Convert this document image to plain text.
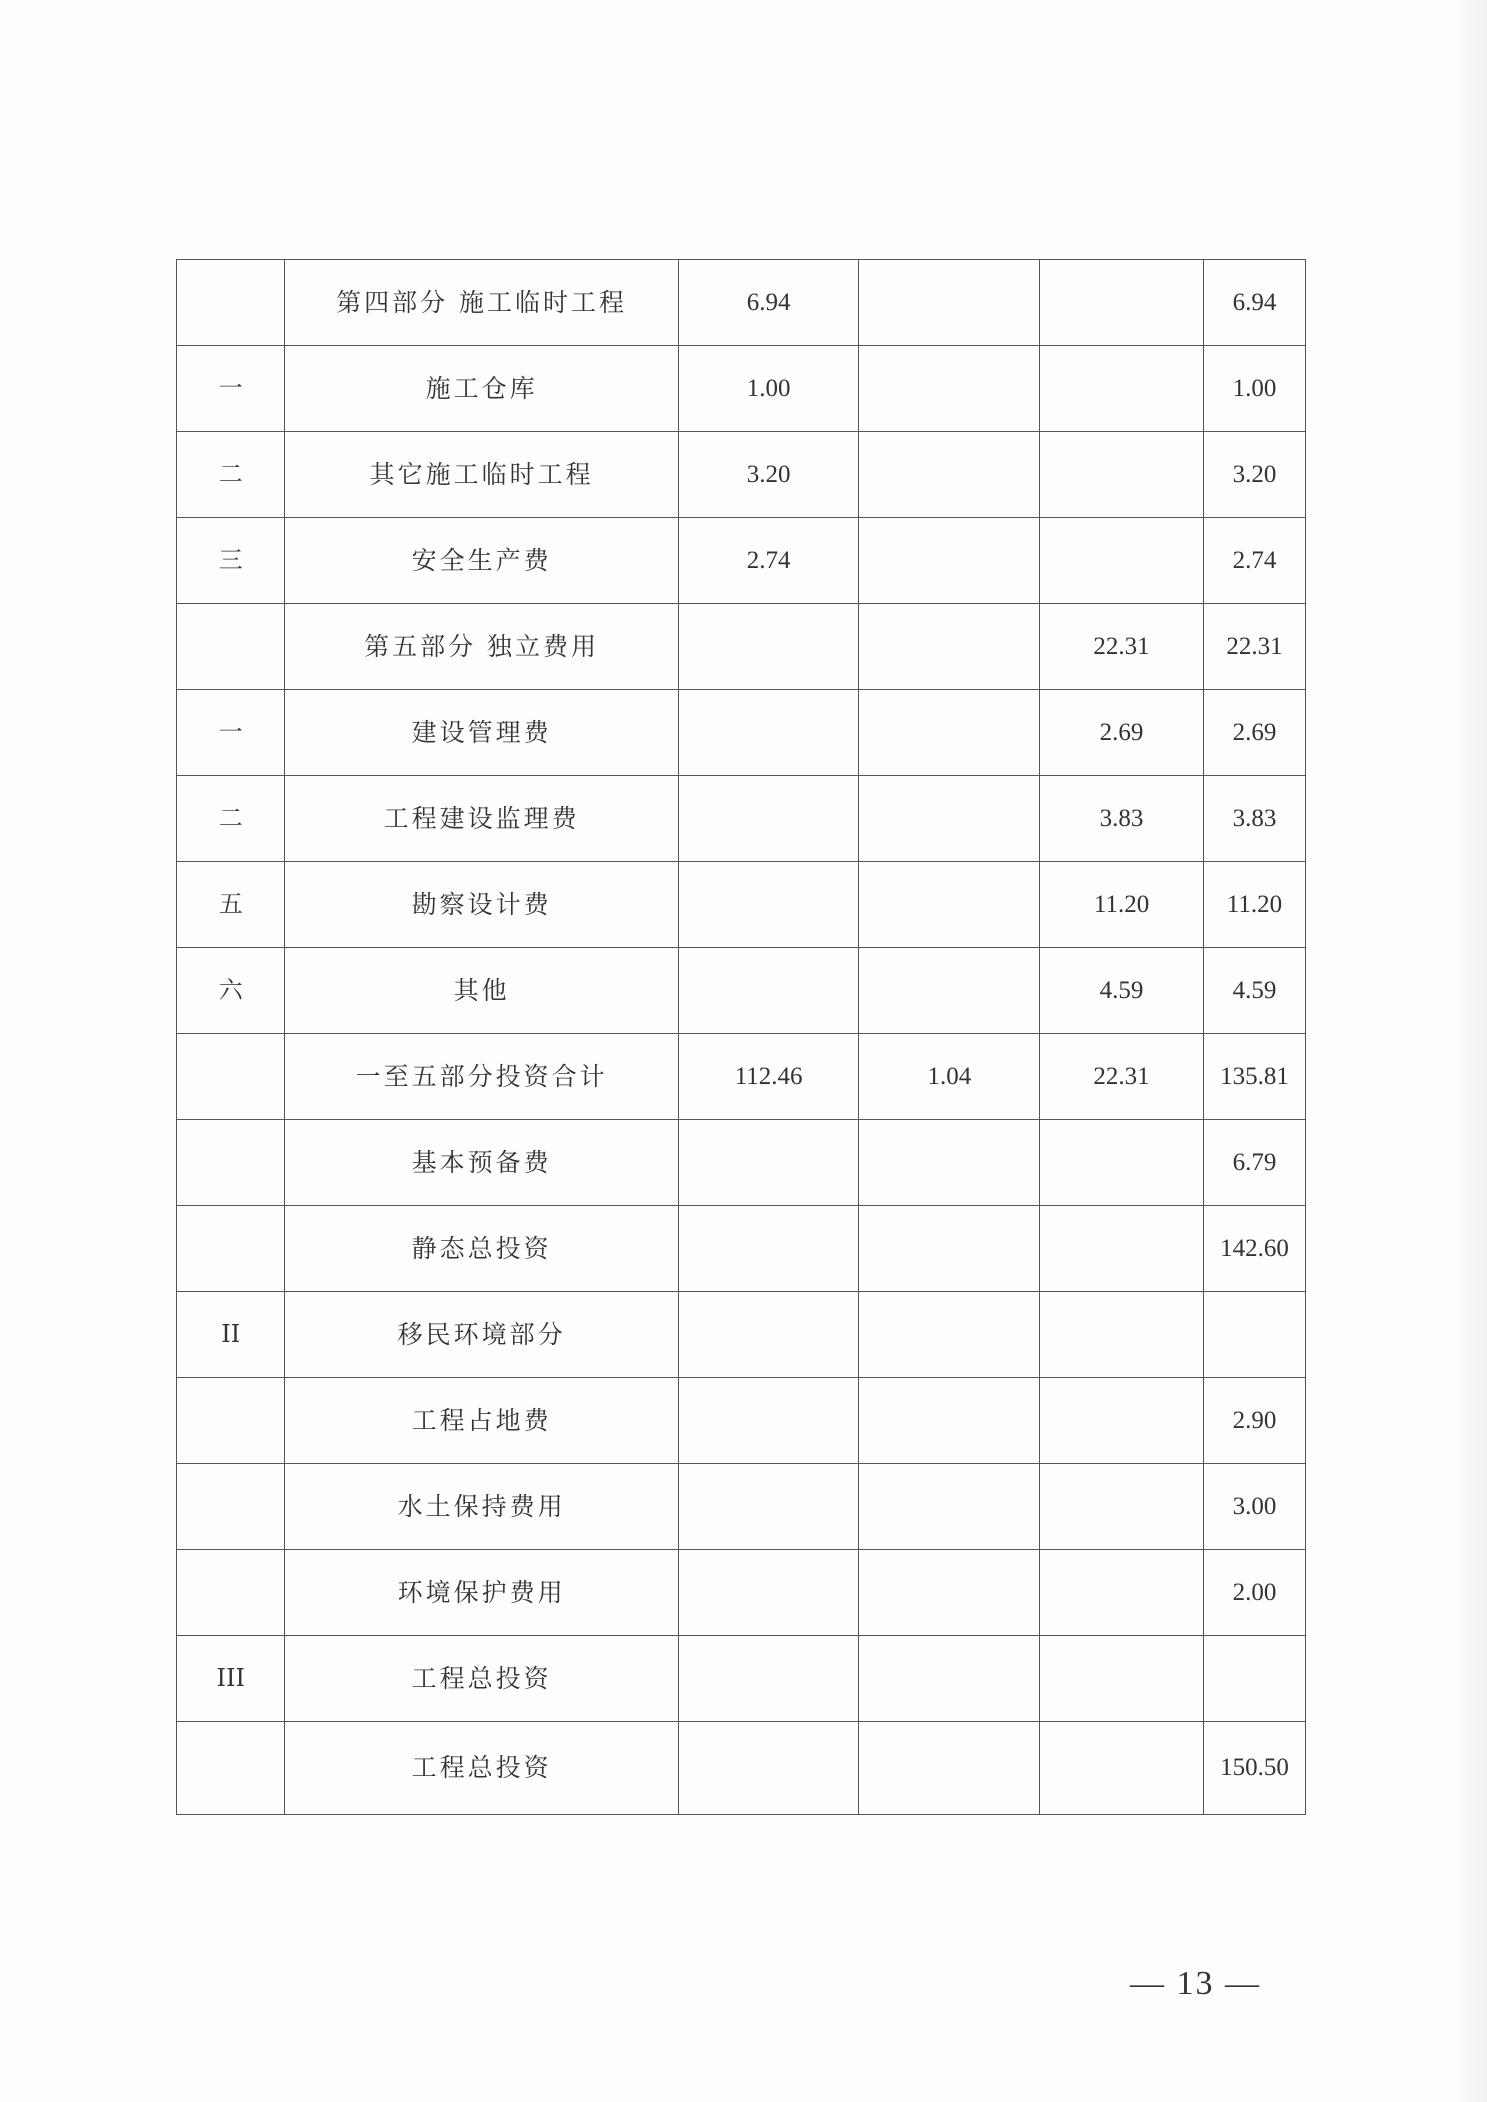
	第四部分 施工临时工程	6.94			6.94
一	施工仓库	1.00			1.00
二	其它施工临时工程	3.20			3.20
三	安全生产费	2.74			2.74
	第五部分 独立费用			22.31	22.31
一	建设管理费			2.69	2.69
二	工程建设监理费			3.83	3.83
五	勘察设计费			11.20	11.20
六	其他			4.59	4.59
	一至五部分投资合计	112.46	1.04	22.31	135.81
	基本预备费				6.79
	静态总投资				142.60
II	移民环境部分				
	工程占地费				2.90
	水土保持费用				3.00
	环境保护费用				2.00
III	工程总投资				
	工程总投资				150.50
— 13 —
